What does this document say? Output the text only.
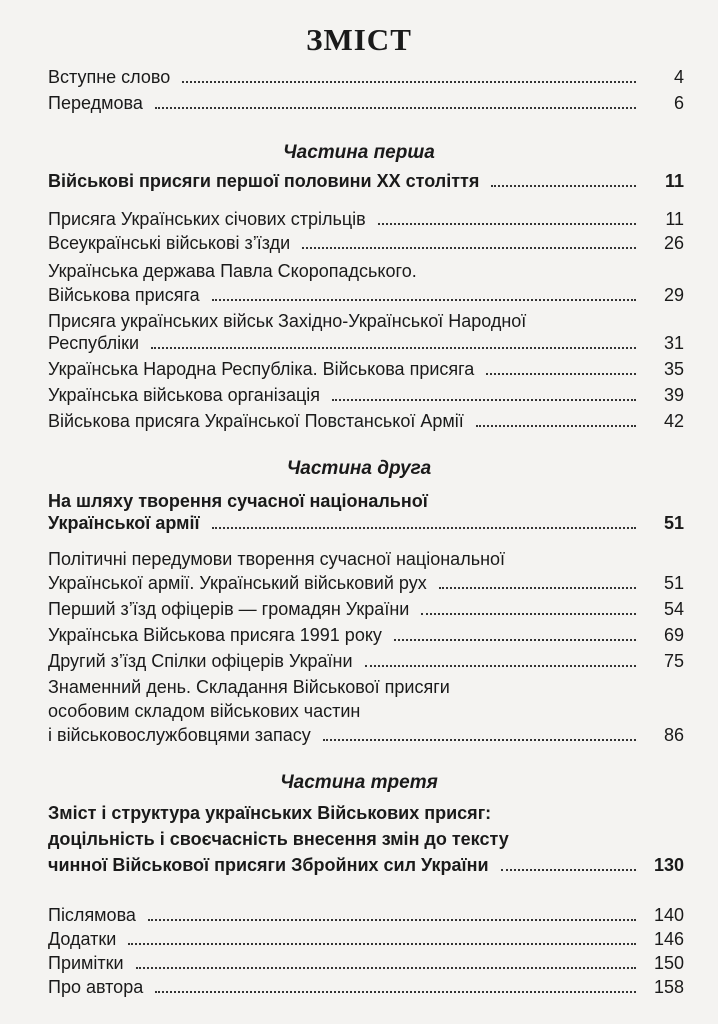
ЗМІСТ
Вступне слово	4
Передмова	6
Частина перша
Військові присяги першої половини XX століття	11
Присяга Українських січових стрільців	11
Всеукраїнські військові з’їзди	26
Українська держава Павла Скоропадського.
Військова присяга	29
Присяга українських військ Західно-Української Народної
Республіки	31
Українська Народна Республіка. Військова присяга	35
Українська військова організація	39
Військова присяга Української Повстанської Армії	42
Частина друга
На шляху творення сучасної національної
Української армії	51
Політичні передумови творення сучасної національної
Української армії. Український військовий рух	51
Перший з’їзд офіцерів — громадян України	54
Українська Військова присяга 1991 року	69
Другий з’їзд Спілки офіцерів України	75
Знаменний день. Складання Військової присяги
особовим складом військових частин
і військовослужбовцями запасу	86
Частина третя
Зміст і структура українських Військових присяг:
доцільність і своєчасність внесення змін до тексту
чинної Військової присяги Збройних сил України	130
Післямова	140
Додатки	146
Примітки	150
Про автора	158
